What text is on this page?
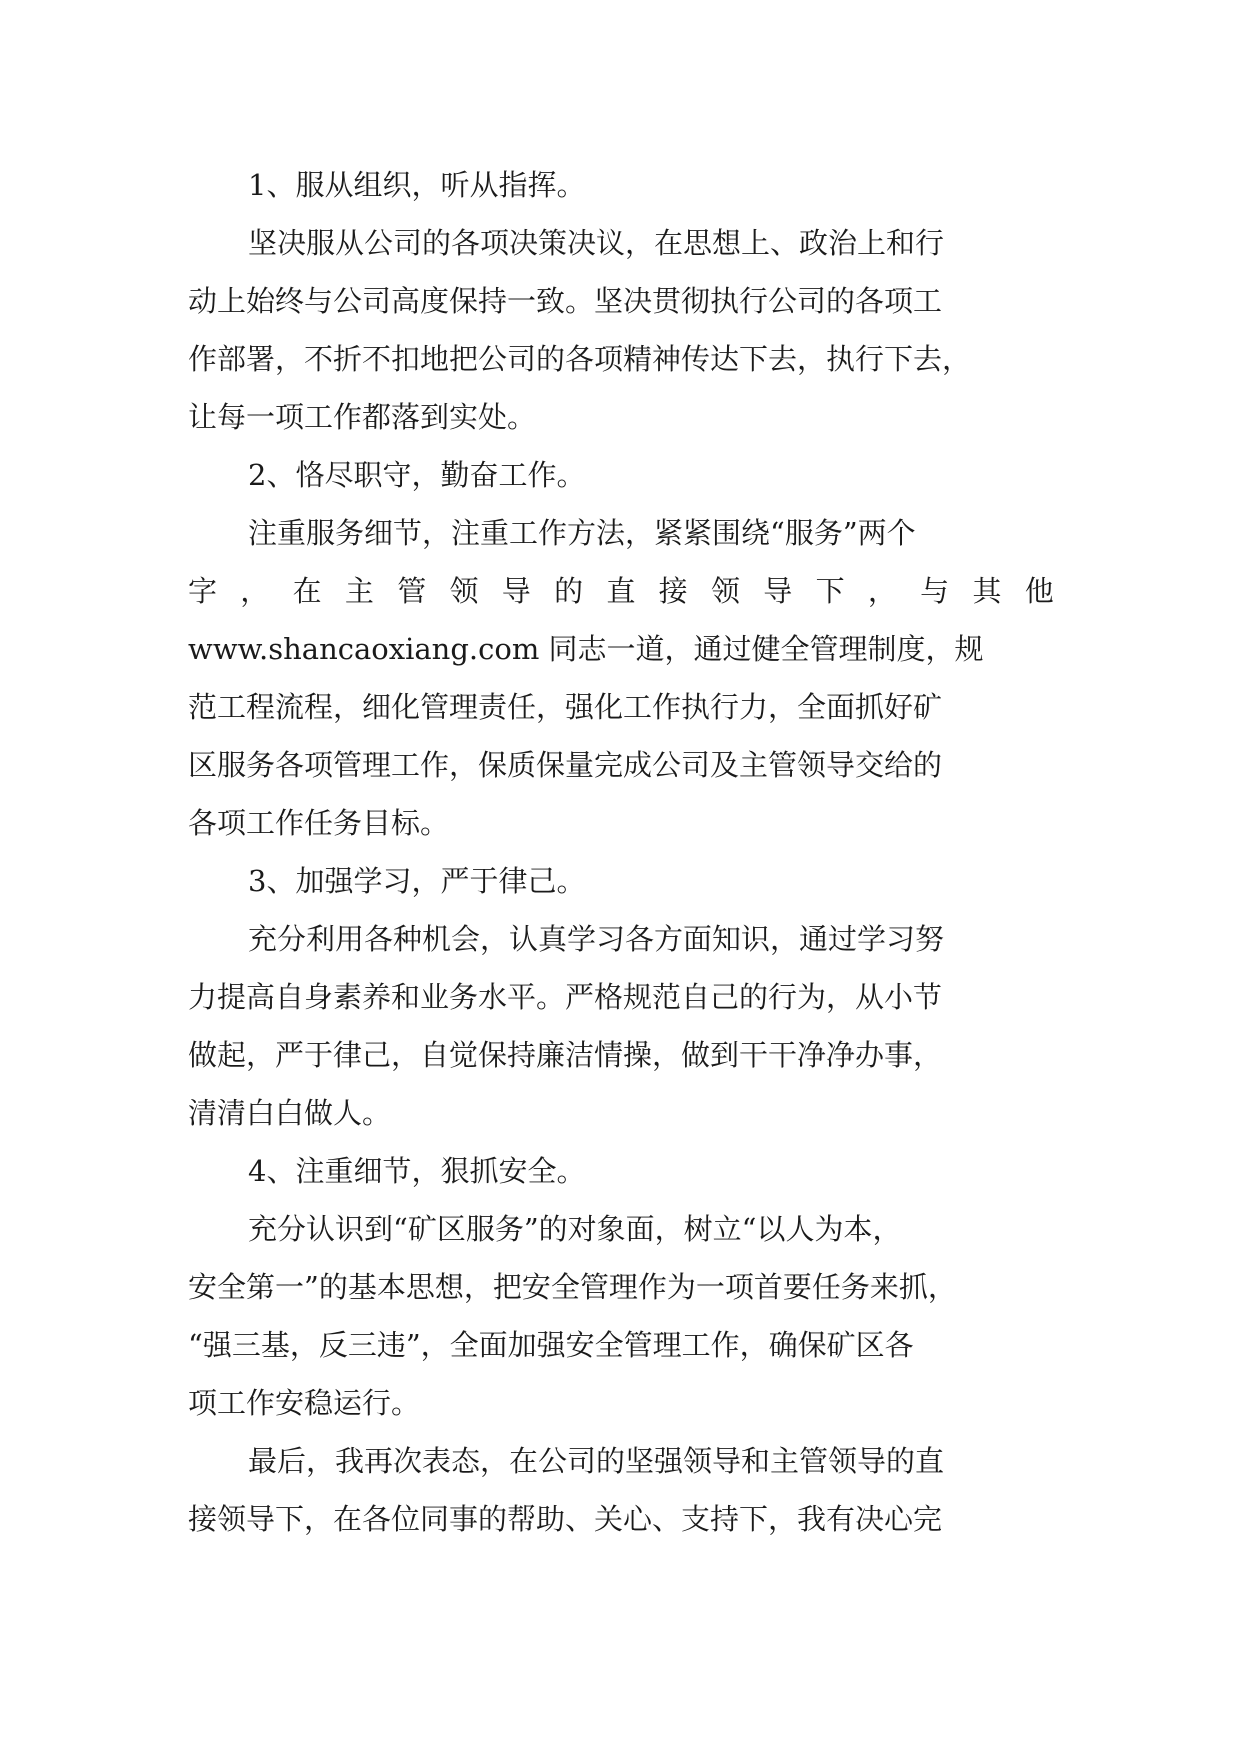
1、服从组织，听从指挥。
坚决服从公司的各项决策决议，在思想上、政治上和行
动上始终与公司高度保持一致。坚决贯彻执行公司的各项工
作部署，不折不扣地把公司的各项精神传达下去，执行下去，
让每一项工作都落到实处。
2、恪尽职守，勤奋工作。
注重服务细节，注重工作方法，紧紧围绕“服务”两个
字 ， 在 主 管 领 导 的 直 接 领 导 下 ， 与 其 他
www.shancaoxiang.com 同志一道，通过健全管理制度，规
范工程流程，细化管理责任，强化工作执行力，全面抓好矿
区服务各项管理工作，保质保量完成公司及主管领导交给的
各项工作任务目标。
3、加强学习，严于律己。
充分利用各种机会，认真学习各方面知识，通过学习努
力提高自身素养和业务水平。严格规范自己的行为，从小节
做起，严于律己，自觉保持廉洁情操，做到干干净净办事，
清清白白做人。
4、注重细节，狠抓安全。
充分认识到“矿区服务”的对象面，树立“以人为本，
安全第一”的基本思想，把安全管理作为一项首要任务来抓，
“强三基，反三违”，全面加强安全管理工作，确保矿区各
项工作安稳运行。
最后，我再次表态，在公司的坚强领导和主管领导的直
接领导下，在各位同事的帮助、关心、支持下，我有决心完
